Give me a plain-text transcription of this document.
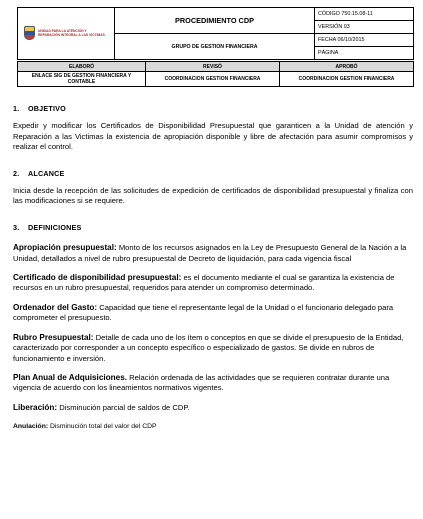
UNIDAD PARA LA ATENCIÓN Y REPARACIÓN INTEGRAL A LAS VÍCTIMAS	PROCEDIMIENTO CDP	CÓDIGO 750.15.08-11
		VERSIÓN 03
	GRUPO DE GESTION FINANCIERA	FECHA 06/10/2015
		PÁGINA
ELABORÓ	REVISÓ	APROBÓ
ENLACE SIG DE GESTION FINANCIERA Y CONTABLE	COORDINACION GESTION FINANCIERA	COORDINACION GESTION FINANCIERA
1. OBJETIVO

Expedir y modificar los Certificados de Disponibilidad Presupuestal que garanticen a la Unidad de atención y Reparación a las Victimas la existencia de apropiación disponible y libre de afectación para asumir compromisos y realizar el control.

2. ALCANCE

Inicia desde la recepción de las solicitudes de expedición de certificados de disponibilidad presupuestal y finaliza con las modificaciones si se requiere.

3. DEFINICIONES

Apropiación presupuestal: Monto de los recursos asignados en la Ley de Presupuesto General de la Nación a la Unidad, detallados a nivel de rubro presupuestal de Decreto de liquidación, para cada vigencia fiscal

Certificado de disponibilidad presupuestal: es el documento mediante el cual se garantiza la existencia de recursos en un rubro presupuestal, requeridos para atender un compromiso determinado.

Ordenador del Gasto: Capacidad que tiene el representante legal de la Unidad o el funcionario delegado para comprometer el presupuesto.

Rubro Presupuestal: Detalle de cada uno de los ítem o conceptos en que se divide el presupuesto de la Entidad, caracterizado por corresponder a un concepto específico o especializado de gastos. Se divide en rubros de funcionamiento e inversión.

Plan Anual de Adquisiciones. Relación ordenada de las actividades que se requieren contratar durante una vigencia de acuerdo con los lineamientos normativos vigentes.

Liberación: Disminución parcial de saldos de CDP.

Anulación: Disminución total del valor del CDP
